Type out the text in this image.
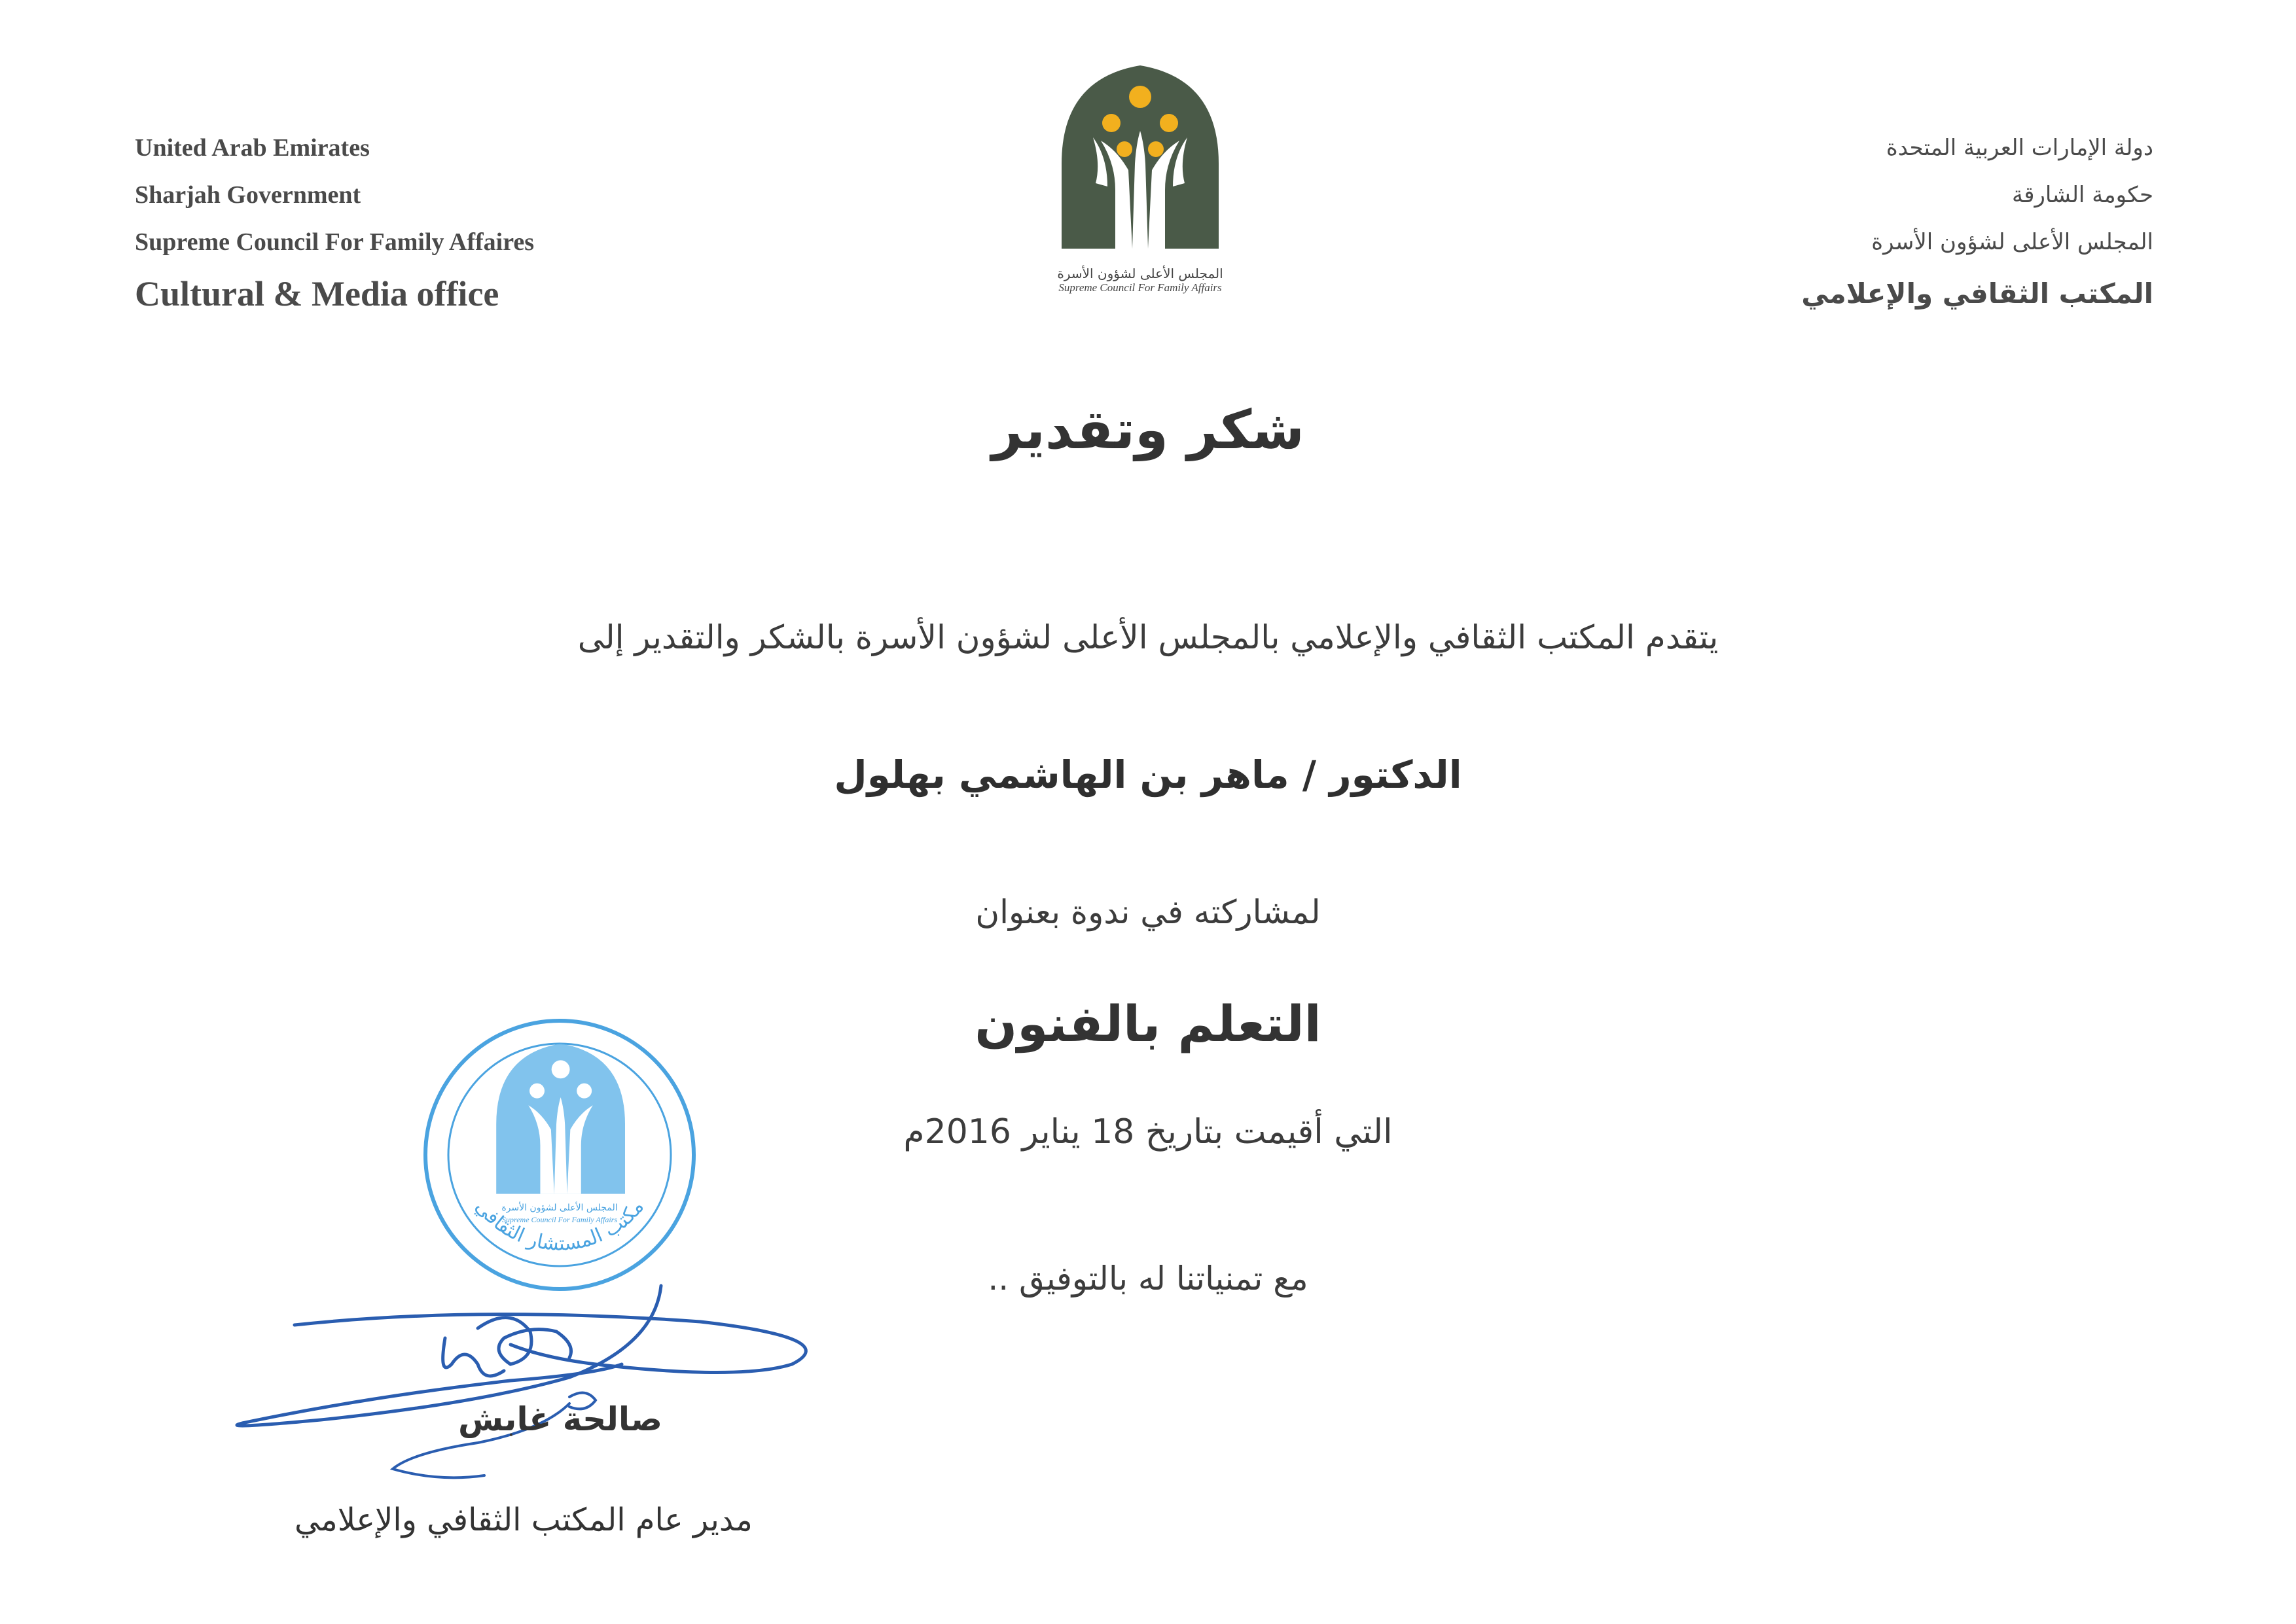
United Arab Emirates
Sharjah Government
Supreme Council For Family Affaires
Cultural & Media office
المجلس الأعلى لشؤون الأسرة
Supreme Council For Family Affairs
دولة الإمارات العربية المتحدة
حكومة الشارقة
المجلس الأعلى لشؤون الأسرة
المكتب الثقافي والإعلامي
شكر وتقدير
يتقدم المكتب الثقافي والإعلامي بالمجلس الأعلى لشؤون الأسرة بالشكر والتقدير إلى
الدكتور / ماهر بن الهاشمي بهلول
لمشاركته في ندوة بعنوان
التعلم بالفنون
التي أقيمت بتاريخ 18 يناير 2016م
مع تمنياتنا له بالتوفيق ..
مكتب المستشار الثقافي
المجلس الأعلى لشؤون الأسرة
Supreme Council For Family Affairs
صالحة غابش
مدير عام المكتب الثقافي والإعلامي
